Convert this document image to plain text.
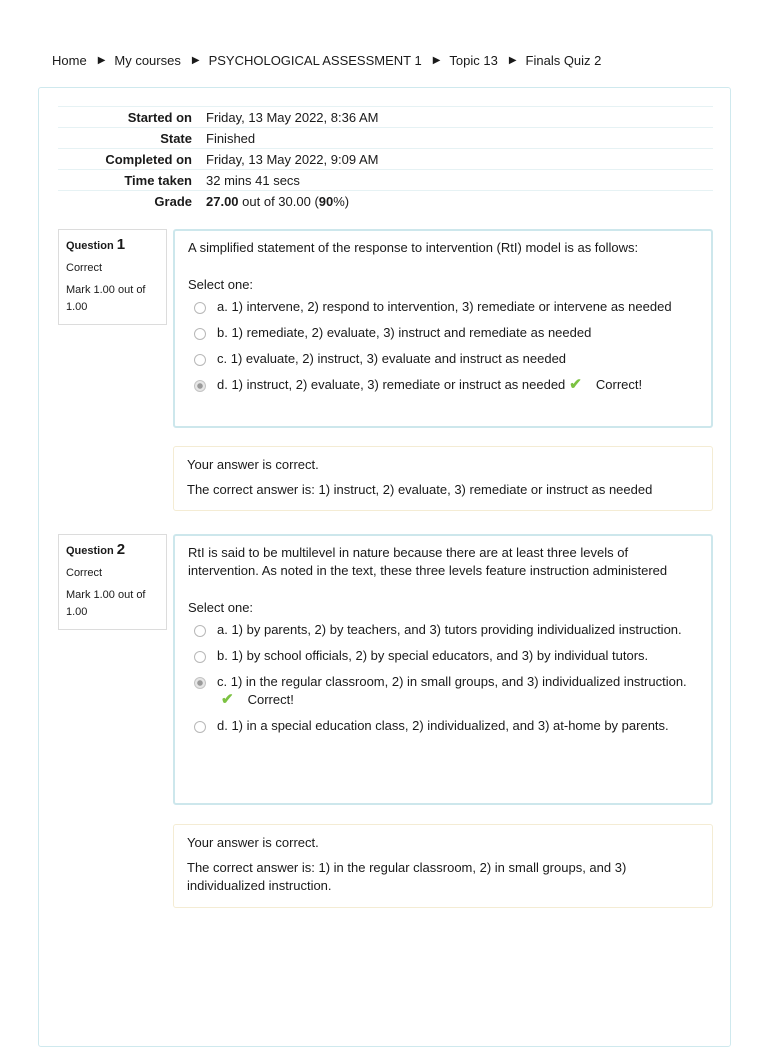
Home ▶ My courses ▶ PSYCHOLOGICAL ASSESSMENT 1 ▶ Topic 13 ▶ Finals Quiz 2
Started on	Friday, 13 May 2022, 8:36 AM
State	Finished
Completed on	Friday, 13 May 2022, 9:09 AM
Time taken	32 mins 41 secs
Grade	27.00 out of 30.00 (90%)
Question 1
Correct
Mark 1.00 out of 1.00
A simplified statement of the response to intervention (RtI) model is as follows:
Select one:
a. 1) intervene, 2) respond to intervention, 3) remediate or intervene as needed
b. 1) remediate, 2) evaluate, 3) instruct and remediate as needed
c. 1) evaluate, 2) instruct, 3) evaluate and instruct as needed
d. 1) instruct, 2) evaluate, 3) remediate or instruct as needed ✔ Correct!
Your answer is correct.
The correct answer is: 1) instruct, 2) evaluate, 3) remediate or instruct as needed
Question 2
Correct
Mark 1.00 out of 1.00
RtI is said to be multilevel in nature because there are at least three levels of intervention. As noted in the text, these three levels feature instruction administered
Select one:
a. 1) by parents, 2) by teachers, and 3) tutors providing individualized instruction.
b. 1) by school officials, 2) by special educators, and 3) by individual tutors.
c. 1) in the regular classroom, 2) in small groups, and 3) individualized instruction.✔ Correct!
d. 1) in a special education class, 2) individualized, and 3) at-home by parents.
Your answer is correct.
The correct answer is: 1) in the regular classroom, 2) in small groups, and 3) individualized instruction.
